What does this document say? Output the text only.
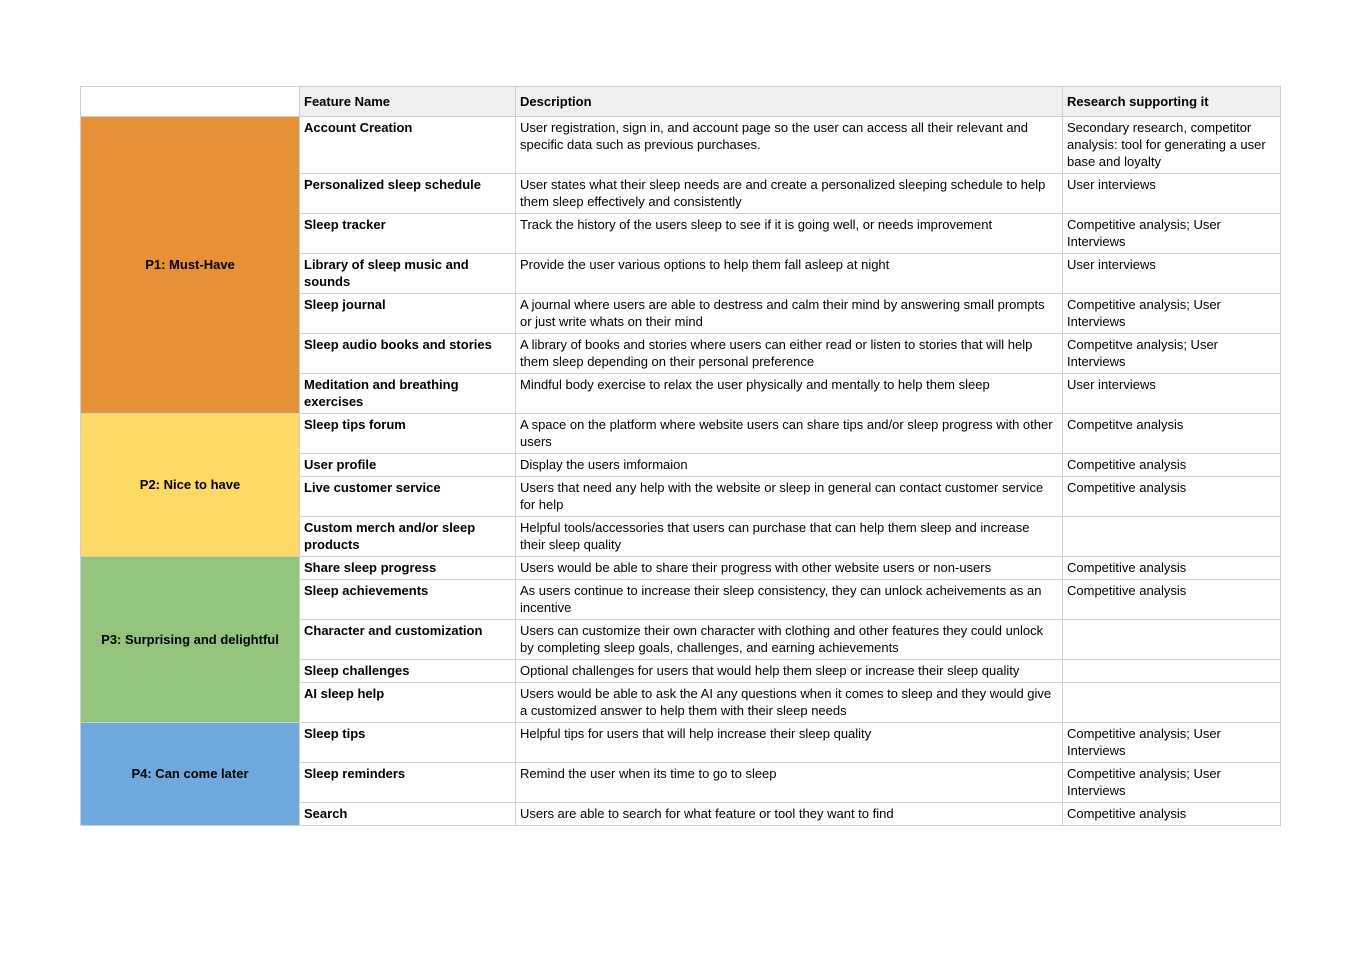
	Feature Name	Description	Research supporting it
P1: Must-Have	Account Creation	User registration, sign in, and account page so the user can access all their relevant and specific data such as previous purchases.	Secondary research, competitor analysis: tool for generating a user base and loyalty
	Personalized sleep schedule	User states what their sleep needs are and create a personalized sleeping schedule to help them sleep effectively and consistently	User interviews
	Sleep tracker	Track the history of the users sleep to see if it is going well, or needs improvement	Competitive analysis; User Interviews
	Library of sleep music and sounds	Provide the user various options to help them fall asleep at night	User interviews
	Sleep journal	A journal where users are able to destress and calm their mind by answering small prompts or just write whats on their mind	Competitive analysis; User Interviews
	Sleep audio books and stories	A library of books and stories where users can either read or listen to stories that will help them sleep depending on their personal preference	Competitve analysis; User Interviews
	Meditation and breathing exercises	Mindful body exercise to relax the user physically and mentally to help them sleep	User interviews
P2: Nice to have	Sleep tips forum	A space on the platform where website users can share tips and/or sleep progress with other users	Competitve analysis
	User profile	Display the users imformaion	Competitive analysis
	Live customer service	Users that need any help with the website or sleep in general can contact customer service for help	Competitive analysis
	Custom merch and/or sleep products	Helpful tools/accessories that users can purchase that can help them sleep and increase their sleep quality	
P3: Surprising and delightful	Share sleep progress	Users would be able to share their progress with other website users or non-users	Competitive analysis
	Sleep achievements	As users continue to increase their sleep consistency, they can unlock acheivements as an incentive	Competitive analysis
	Character and customization	Users can customize their own character with clothing and other features they could unlock by completing sleep goals, challenges, and earning achievements	
	Sleep challenges	Optional challenges for users that would help them sleep or increase their sleep quality	
	AI sleep help	Users would be able to ask the AI any questions when it comes to sleep and they would give a customized answer to help them with their sleep needs	
P4: Can come later	Sleep tips	Helpful tips for users that will help increase their sleep quality	Competitive analysis; User Interviews
	Sleep reminders	Remind the user when its time to go to sleep	Competitive analysis; User Interviews
	Search	Users are able to search for what feature or tool they want to find	Competitive analysis
